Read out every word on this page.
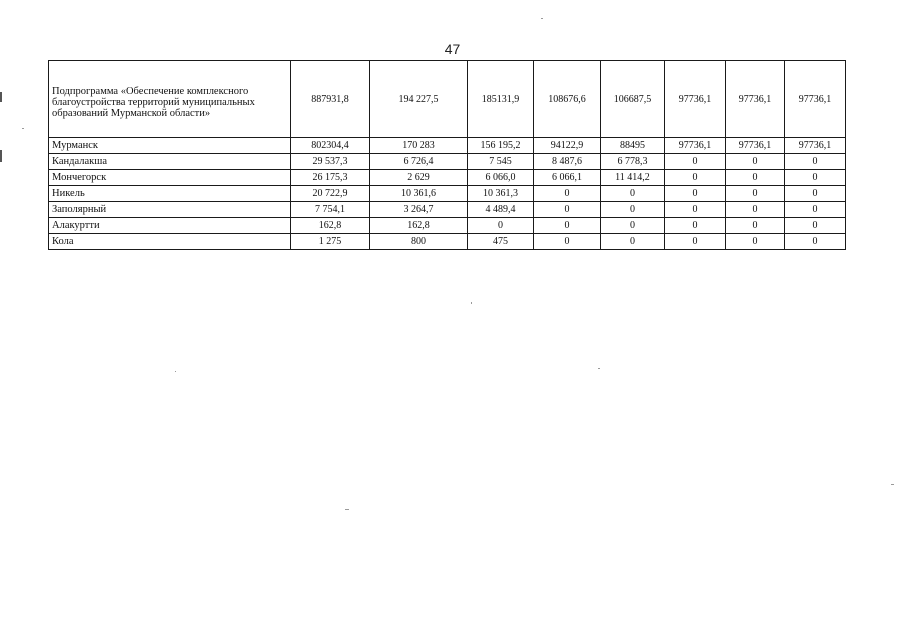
47
Подпрограмма «Обеспечение комплексного благоустройства территорий муниципальных образований Мурманской области»	887931,8	194 227,5	185131,9	108676,6	106687,5	97736,1	97736,1	97736,1
Мурманск	802304,4	170 283	156 195,2	94122,9	88495	97736,1	97736,1	97736,1
Кандалакша	29 537,3	6 726,4	7 545	8 487,6	6 778,3	0	0	0
Мончегорск	26 175,3	2 629	6 066,0	6 066,1	11 414,2	0	0	0
Никель	20 722,9	10 361,6	10 361,3	0	0	0	0	0
Заполярный	7 754,1	3 264,7	4 489,4	0	0	0	0	0
Алакуртти	162,8	162,8	0	0	0	0	0	0
Кола	1 275	800	475	0	0	0	0	0
